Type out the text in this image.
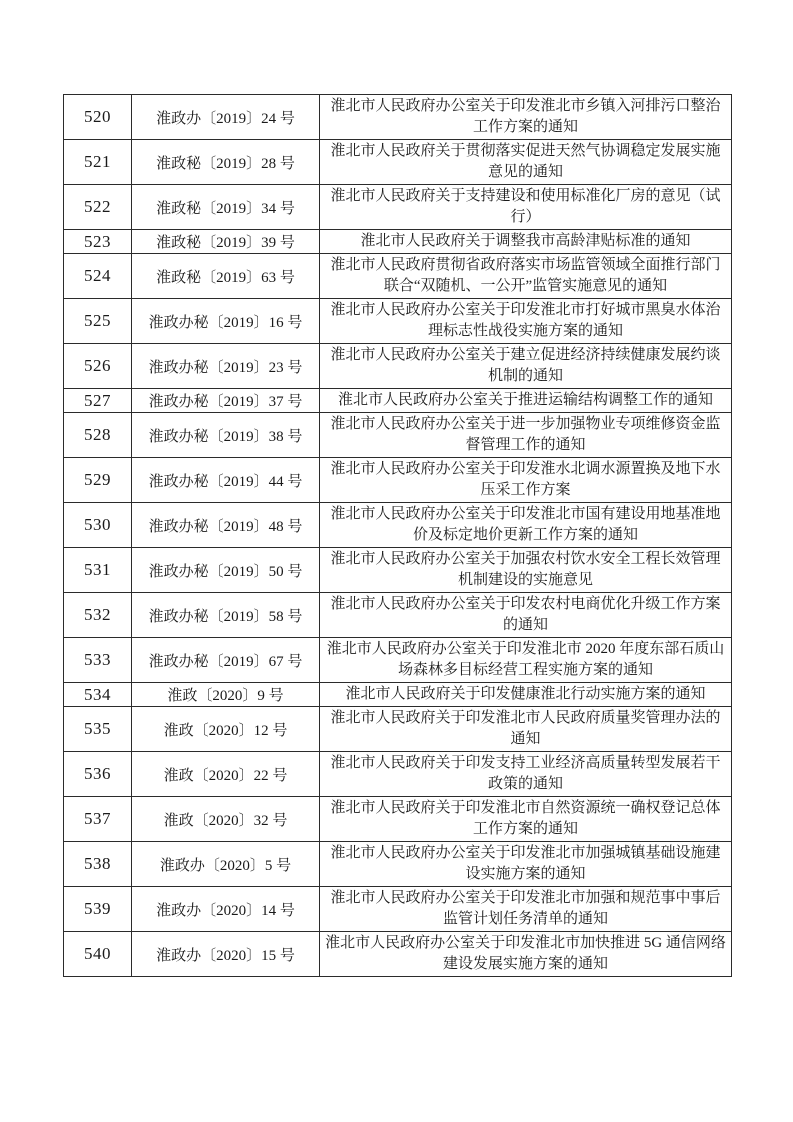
520	淮政办〔2019〕24 号	淮北市人民政府办公室关于印发淮北市乡镇入河排污口整治工作方案的通知
521	淮政秘〔2019〕28 号	淮北市人民政府关于贯彻落实促进天然气协调稳定发展实施意见的通知
522	淮政秘〔2019〕34 号	淮北市人民政府关于支持建设和使用标准化厂房的意见（试行）
523	淮政秘〔2019〕39 号	淮北市人民政府关于调整我市高龄津贴标准的通知
524	淮政秘〔2019〕63 号	淮北市人民政府贯彻省政府落实市场监管领域全面推行部门联合“双随机、一公开”监管实施意见的通知
525	淮政办秘〔2019〕16 号	淮北市人民政府办公室关于印发淮北市打好城市黑臭水体治理标志性战役实施方案的通知
526	淮政办秘〔2019〕23 号	淮北市人民政府办公室关于建立促进经济持续健康发展约谈机制的通知
527	淮政办秘〔2019〕37 号	淮北市人民政府办公室关于推进运输结构调整工作的通知
528	淮政办秘〔2019〕38 号	淮北市人民政府办公室关于进一步加强物业专项维修资金监督管理工作的通知
529	淮政办秘〔2019〕44 号	淮北市人民政府办公室关于印发淮水北调水源置换及地下水压采工作方案
530	淮政办秘〔2019〕48 号	淮北市人民政府办公室关于印发淮北市国有建设用地基准地价及标定地价更新工作方案的通知
531	淮政办秘〔2019〕50 号	淮北市人民政府办公室关于加强农村饮水安全工程长效管理机制建设的实施意见
532	淮政办秘〔2019〕58 号	淮北市人民政府办公室关于印发农村电商优化升级工作方案的通知
533	淮政办秘〔2019〕67 号	淮北市人民政府办公室关于印发淮北市 2020 年度东部石质山场森林多目标经营工程实施方案的通知
534	淮政〔2020〕9 号	淮北市人民政府关于印发健康淮北行动实施方案的通知
535	淮政〔2020〕12 号	淮北市人民政府关于印发淮北市人民政府质量奖管理办法的通知
536	淮政〔2020〕22 号	淮北市人民政府关于印发支持工业经济高质量转型发展若干政策的通知
537	淮政〔2020〕32 号	淮北市人民政府关于印发淮北市自然资源统一确权登记总体工作方案的通知
538	淮政办〔2020〕5 号	淮北市人民政府办公室关于印发淮北市加强城镇基础设施建设实施方案的通知
539	淮政办〔2020〕14 号	淮北市人民政府办公室关于印发淮北市加强和规范事中事后监管计划任务清单的通知
540	淮政办〔2020〕15 号	淮北市人民政府办公室关于印发淮北市加快推进 5G 通信网络建设发展实施方案的通知
